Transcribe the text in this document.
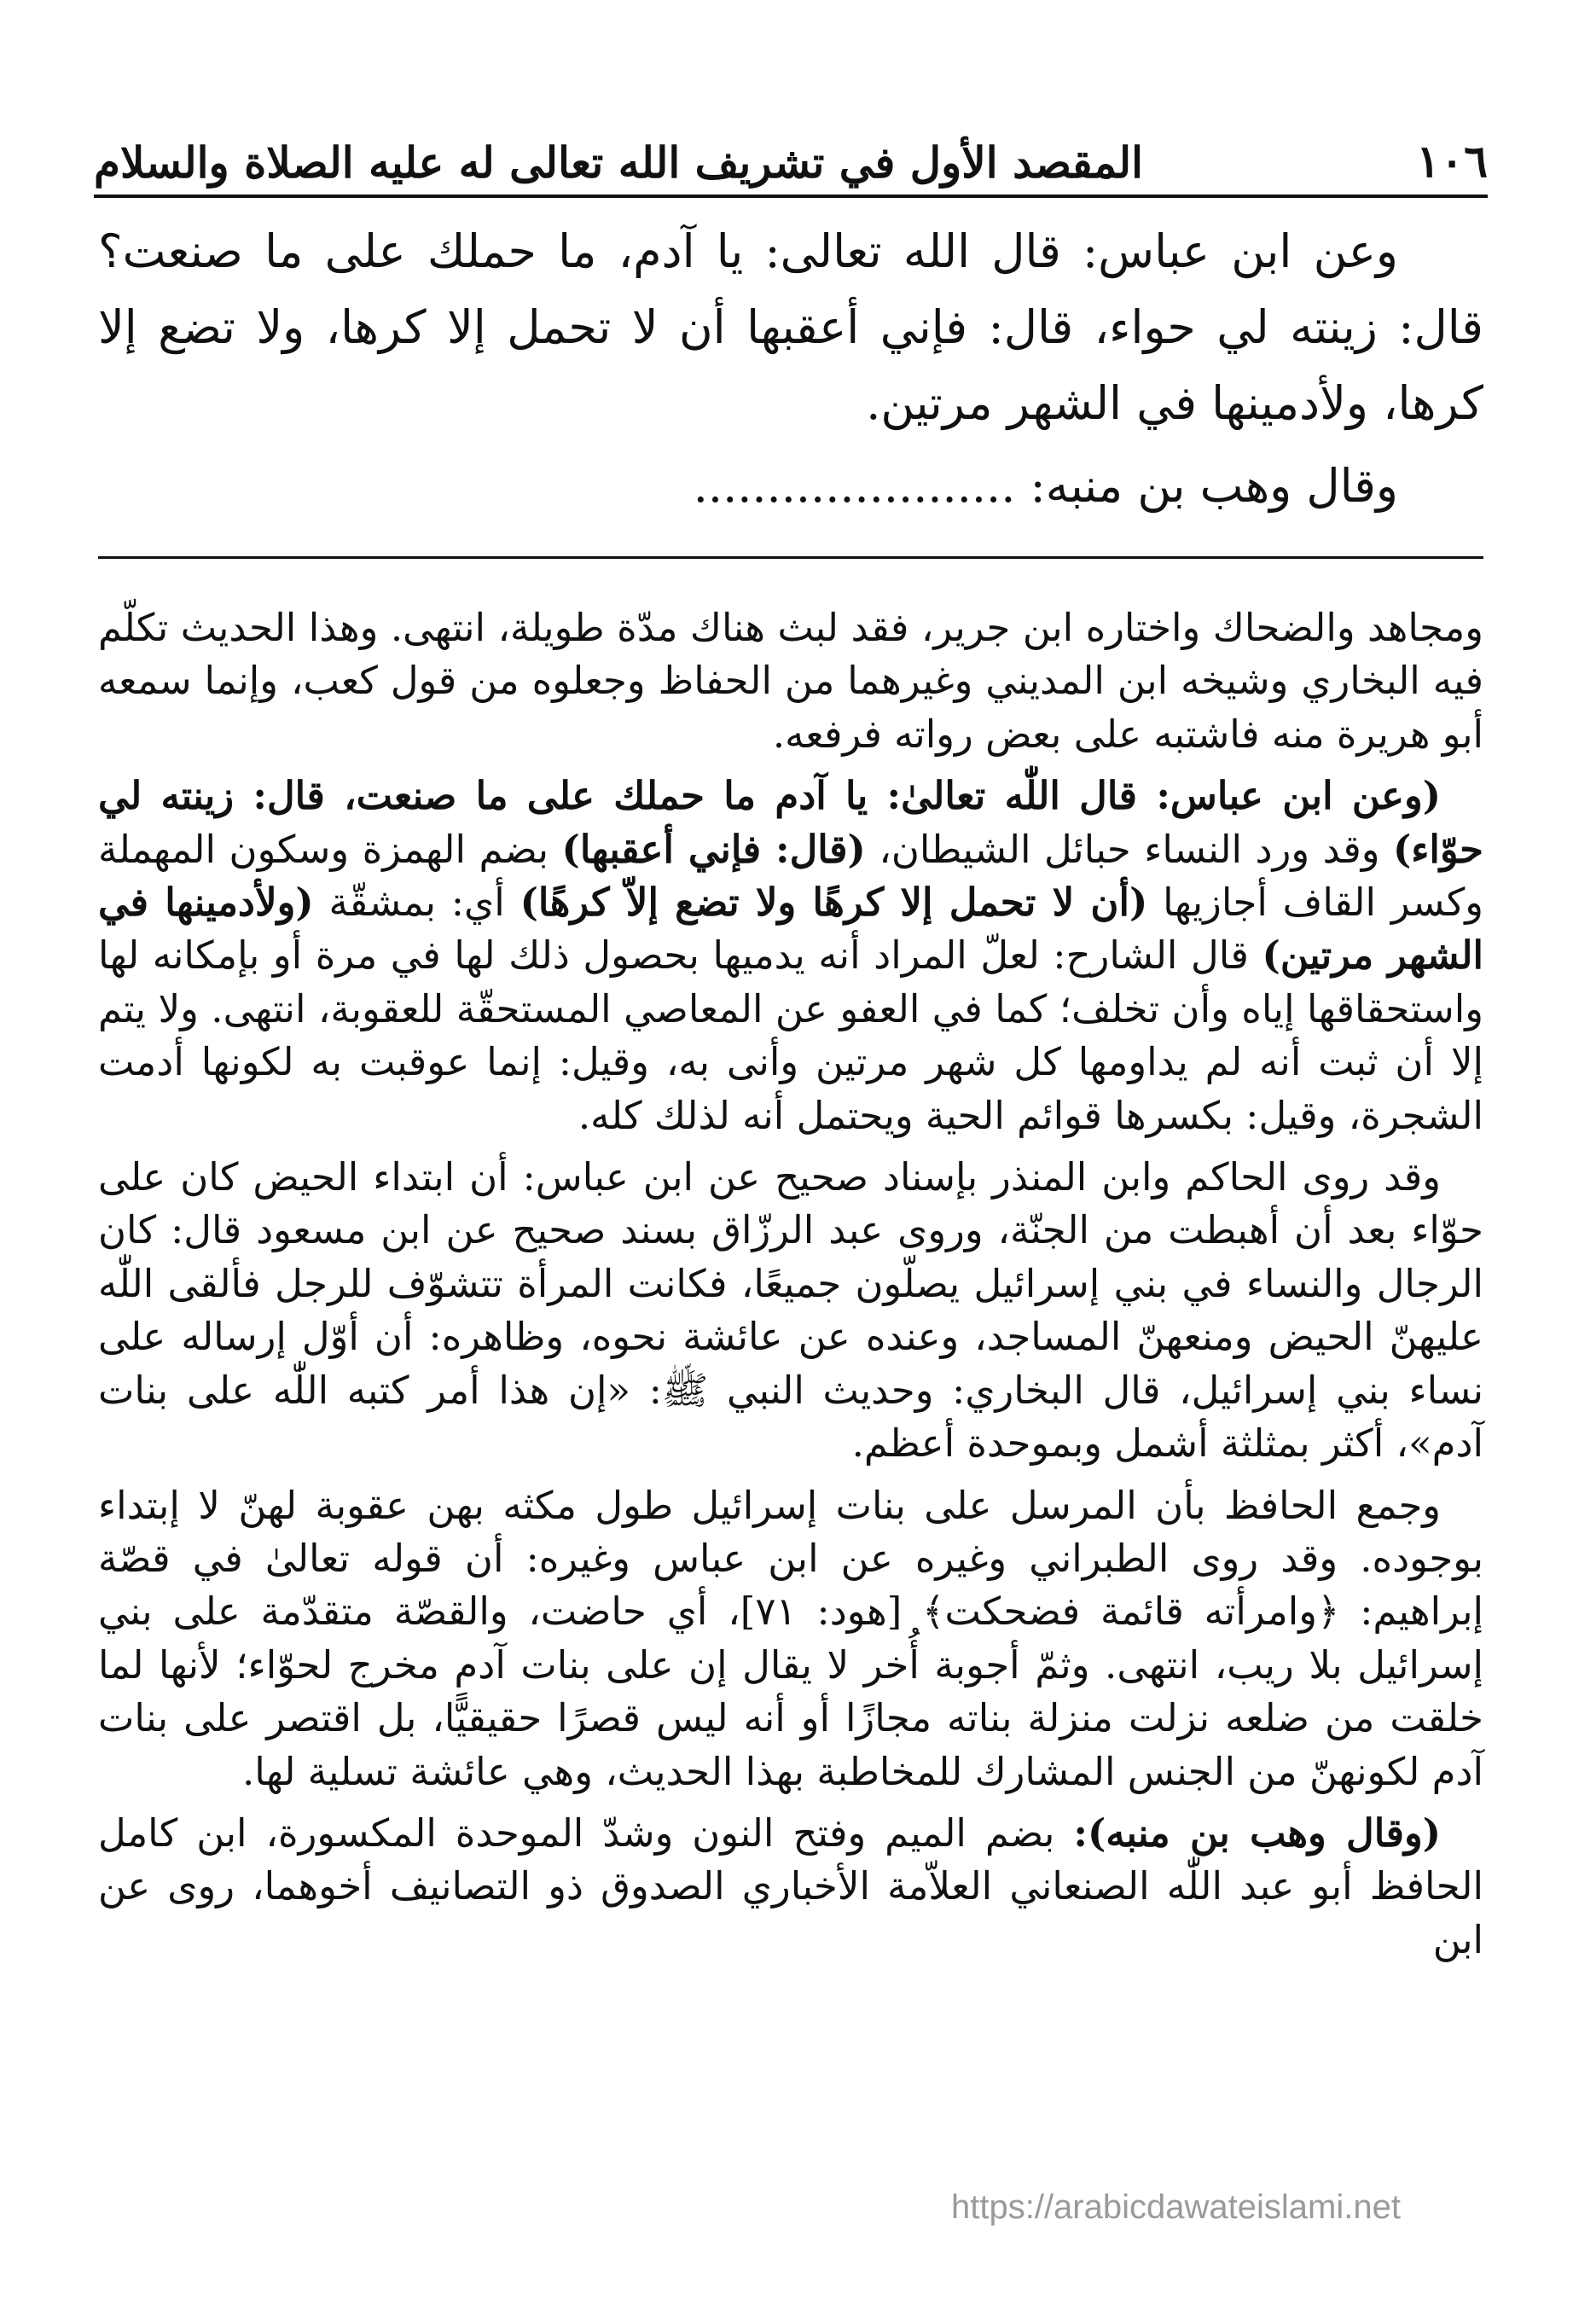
١٠٦
المقصد الأول في تشريف الله تعالى له عليه الصلاة والسلام

وعن ابن عباس: قال الله تعالى: يا آدم، ما حملك على ما صنعت؟ قال: زينته لي حواء، قال: فإني أعقبها أن لا تحمل إلا كرها، ولا تضع إلا كرها، ولأدمينها في الشهر مرتين.

وقال وهب بن منبه: ......................

ومجاهد والضحاك واختاره ابن جرير، فقد لبث هناك مدّة طويلة، انتهى. وهذا الحديث تكلّم فيه البخاري وشيخه ابن المديني وغيرهما من الحفاظ وجعلوه من قول كعب، وإنما سمعه أبو هريرة منه فاشتبه على بعض رواته فرفعه.

(وعن ابن عباس: قال اللّٰه تعالىٰ: يا آدم ما حملك على ما صنعت، قال: زينته لي حوّاء) وقد ورد النساء حبائل الشيطان، (قال: فإني أعقبها) بضم الهمزة وسكون المهملة وكسر القاف أجازيها (أن لا تحمل إلا كرهًا ولا تضع إلاّ كرهًا) أي: بمشقّة (ولأدمينها في الشهر مرتين) قال الشارح: لعلّ المراد أنه يدميها بحصول ذلك لها في مرة أو بإمكانه لها واستحقاقها إياه وأن تخلف؛ كما في العفو عن المعاصي المستحقّة للعقوبة، انتهى. ولا يتم إلا أن ثبت أنه لم يداومها كل شهر مرتين وأنى به، وقيل: إنما عوقبت به لكونها أدمت الشجرة، وقيل: بكسرها قوائم الحية ويحتمل أنه لذلك كله.

وقد روى الحاكم وابن المنذر بإسناد صحيح عن ابن عباس: أن ابتداء الحيض كان على حوّاء بعد أن أهبطت من الجنّة، وروى عبد الرزّاق بسند صحيح عن ابن مسعود قال: كان الرجال والنساء في بني إسرائيل يصلّون جميعًا، فكانت المرأة تتشوّف للرجل فألقى اللّٰه عليهنّ الحيض ومنعهنّ المساجد، وعنده عن عائشة نحوه، وظاهره: أن أوّل إرساله على نساء بني إسرائيل، قال البخاري: وحديث النبي ﷺ: «إن هذا أمر كتبه اللّٰه على بنات آدم»، أكثر بمثلثة أشمل وبموحدة أعظم.

وجمع الحافظ بأن المرسل على بنات إسرائيل طول مكثه بهن عقوبة لهنّ لا إبتداء بوجوده. وقد روى الطبراني وغيره عن ابن عباس وغيره: أن قوله تعالىٰ في قصّة إبراهيم: ﴿وامرأته قائمة فضحكت﴾ [هود: ٧١]، أي حاضت، والقصّة متقدّمة على بني إسرائيل بلا ريب، انتهى. وثمّ أجوبة أُخر لا يقال إن على بنات آدم مخرج لحوّاء؛ لأنها لما خلقت من ضلعه نزلت منزلة بناته مجازًا أو أنه ليس قصرًا حقيقيًّا، بل اقتصر على بنات آدم لكونهنّ من الجنس المشارك للمخاطبة بهذا الحديث، وهي عائشة تسلية لها.

(وقال وهب بن منبه): بضم الميم وفتح النون وشدّ الموحدة المكسورة، ابن كامل الحافظ أبو عبد اللّٰه الصنعاني العلاّمة الأخباري الصدوق ذو التصانيف أخوهما، روى عن ابن

https://arabicdawateislami.net
